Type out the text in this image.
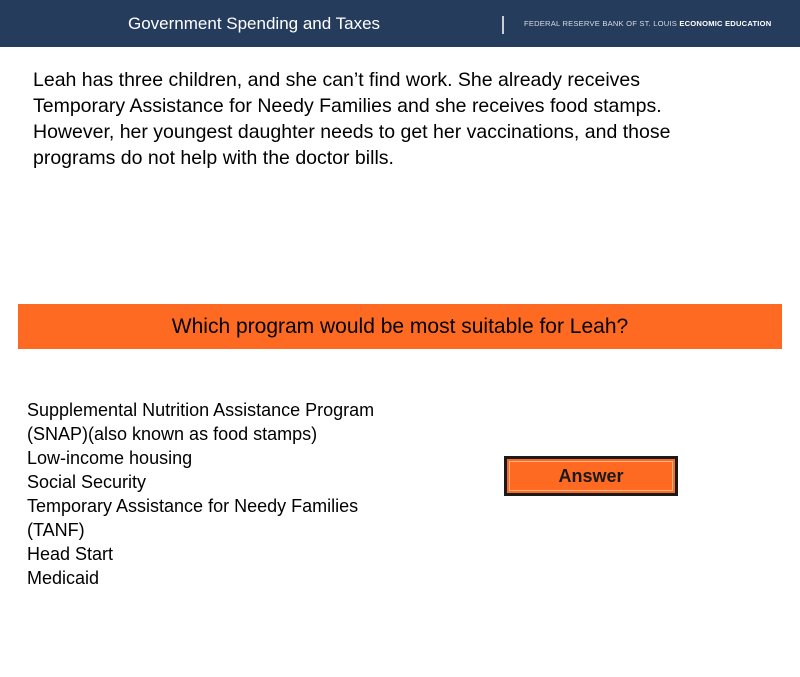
Government Spending and Taxes	FEDERAL RESERVE BANK OF ST. LOUIS ECONOMIC EDUCATION

Leah has three children, and she can’t find work. She already receives
Temporary Assistance for Needy Families and she receives food stamps.
However, her youngest daughter needs to get her vaccinations, and those
programs do not help with the doctor bills.

Which program would be most suitable for Leah?
Supplemental Nutrition Assistance Program
(SNAP)(also known as food stamps)
Low-income housing
Social Security
Temporary Assistance for Needy Families
(TANF)
Head Start
Medicaid
Answer
